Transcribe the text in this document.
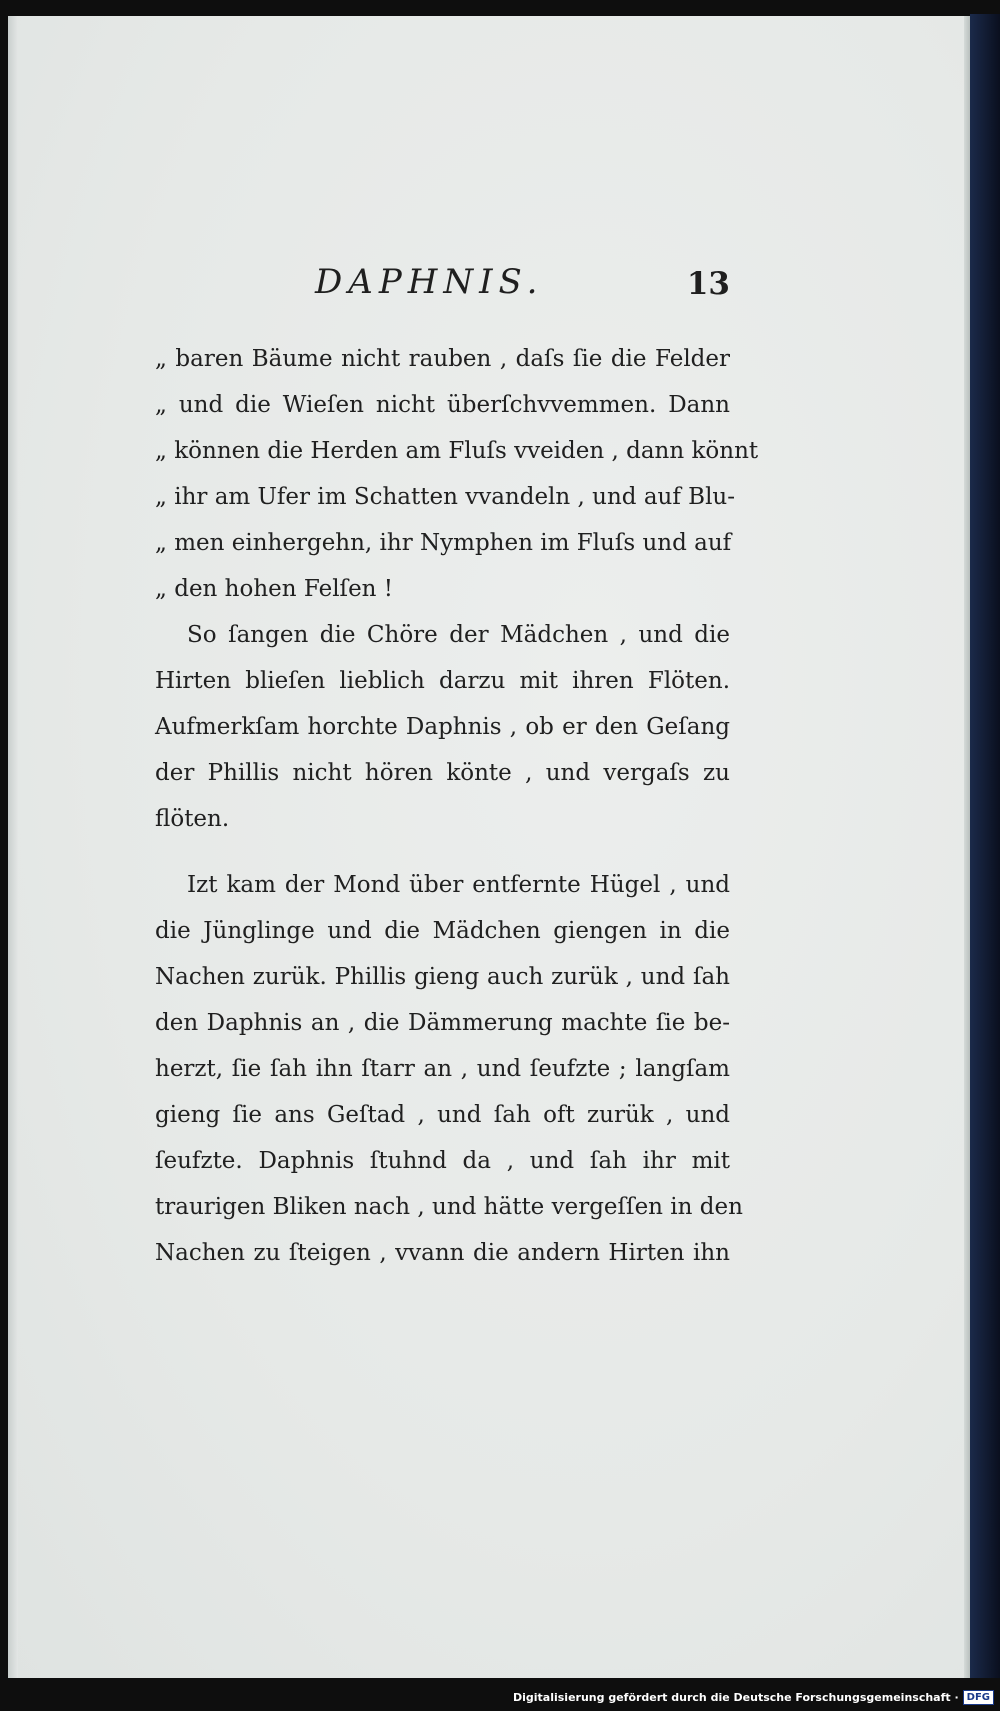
DAPHNIS.	13
„ baren Bäume nicht rauben , daſs ſie die Felder
„ und die Wieſen nicht überſchvvemmen. Dann
„ können die Herden am Fluſs vveiden , dann könnt
„ ihr am Ufer im Schatten vvandeln , und auf Blu-
„ men einhergehn, ihr Nymphen im Fluſs und auf
„ den hohen Felſen !
So ſangen die Chöre der Mädchen , und die
Hirten blieſen lieblich darzu mit ihren Flöten.
Aufmerkſam horchte Daphnis , ob er den Geſang
der Phillis nicht hören könte , und vergaſs zu
flöten.
Izt kam der Mond über entfernte Hügel , und
die Jünglinge und die Mädchen giengen in die
Nachen zurük. Phillis gieng auch zurük , und ſah
den Daphnis an , die Dämmerung machte ſie be-
herzt, ſie ſah ihn ſtarr an , und ſeufzte ; langſam
gieng ſie ans Geſtad , und ſah oft zurük , und
ſeufzte. Daphnis ſtuhnd da , und ſah ihr mit
traurigen Bliken nach , und hätte vergeſſen in den
Nachen zu ſteigen , vvann die andern Hirten ihn
Digitalisierung gefördert durch die Deutsche Forschungsgemeinschaft · DFG
